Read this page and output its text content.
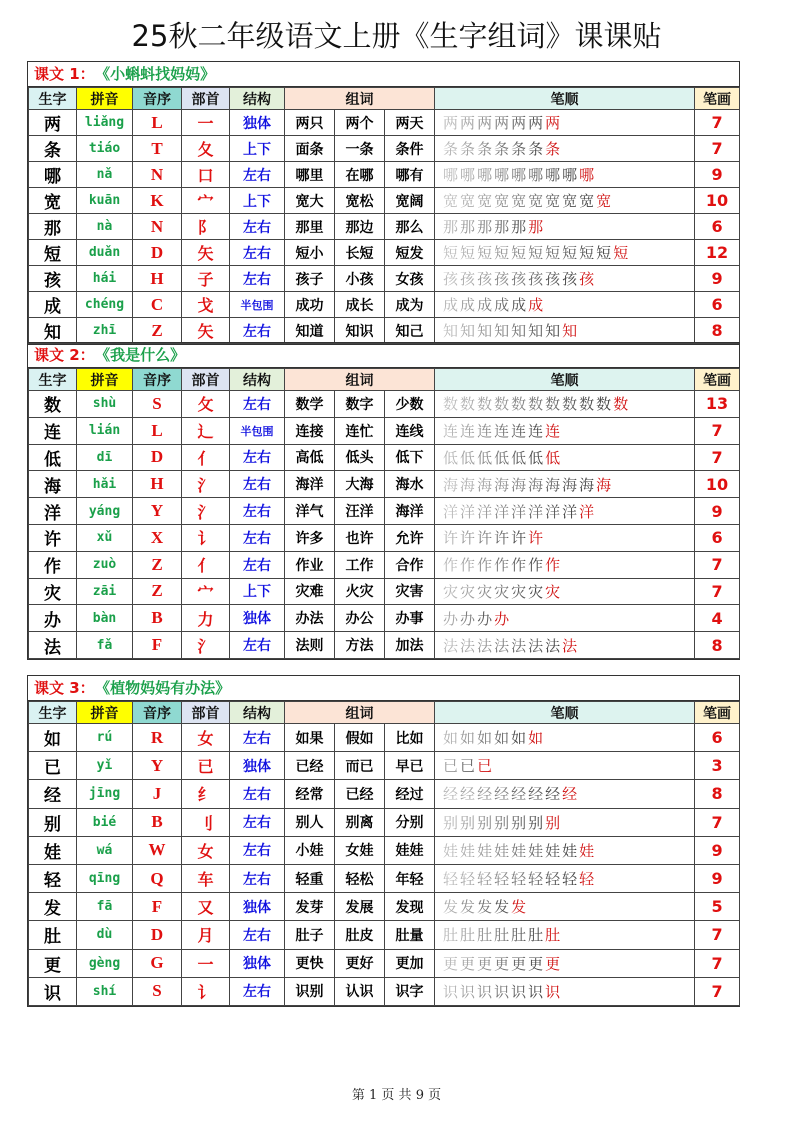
25秋二年级语文上册《生字组词》课课贴
课文 1： 《小蝌蚪找妈妈》
生字	拼音	音序	部首	结构	组词			笔顺	笔画
两	liǎng	L	一	独体	两只	两个	两天	两两两两两两两	7
条	tiáo	T	夂	上下	面条	一条	条件	条条条条条条条	7
哪	nǎ	N	口	左右	哪里	在哪	哪有	哪哪哪哪哪哪哪哪哪	9
宽	kuān	K	宀	上下	宽大	宽松	宽阔	宽宽宽宽宽宽宽宽宽宽	10
那	nà	N	阝	左右	那里	那边	那么	那那那那那那	6
短	duǎn	D	矢	左右	短小	长短	短发	短短短短短短短短短短短	12
孩	hái	H	子	左右	孩子	小孩	女孩	孩孩孩孩孩孩孩孩孩	9
成	chéng	C	戈	半包围	成功	成长	成为	成成成成成成	6
知	zhī	Z	矢	左右	知道	知识	知己	知知知知知知知知	8
课文 2： 《我是什么》
生字	拼音	音序	部首	结构	组词			笔顺	笔画
数	shù	S	攵	左右	数学	数字	少数	数数数数数数数数数数数	13
连	lián	L	辶	半包围	连接	连忙	连线	连连连连连连连	7
低	dī	D	亻	左右	高低	低头	低下	低低低低低低低	7
海	hǎi	H	氵	左右	海洋	大海	海水	海海海海海海海海海海	10
洋	yáng	Y	氵	左右	洋气	汪洋	海洋	洋洋洋洋洋洋洋洋洋	9
许	xǔ	X	讠	左右	许多	也许	允许	许许许许许许	6
作	zuò	Z	亻	左右	作业	工作	合作	作作作作作作作	7
灾	zāi	Z	宀	上下	灾难	火灾	灾害	灾灾灾灾灾灾灾	7
办	bàn	B	力	独体	办法	办公	办事	办办办办	4
法	fǎ	F	氵	左右	法则	方法	加法	法法法法法法法法	8
课文 3： 《植物妈妈有办法》
生字	拼音	音序	部首	结构	组词			笔顺	笔画
如	rú	R	女	左右	如果	假如	比如	如如如如如如	6
已	yǐ	Y	已	独体	已经	而已	早已	已已已	3
经	jīng	J	纟	左右	经常	已经	经过	经经经经经经经经	8
别	bié	B	刂	左右	别人	别离	分别	别别别别别别别	7
娃	wá	W	女	左右	小娃	女娃	娃娃	娃娃娃娃娃娃娃娃娃	9
轻	qīng	Q	车	左右	轻重	轻松	年轻	轻轻轻轻轻轻轻轻轻	9
发	fā	F	又	独体	发芽	发展	发现	发发发发发	5
肚	dù	D	月	左右	肚子	肚皮	肚量	肚肚肚肚肚肚肚	7
更	gèng	G	一	独体	更快	更好	更加	更更更更更更更	7
识	shí	S	讠	左右	识别	认识	识字	识识识识识识识	7
第 1 页 共 9 页
